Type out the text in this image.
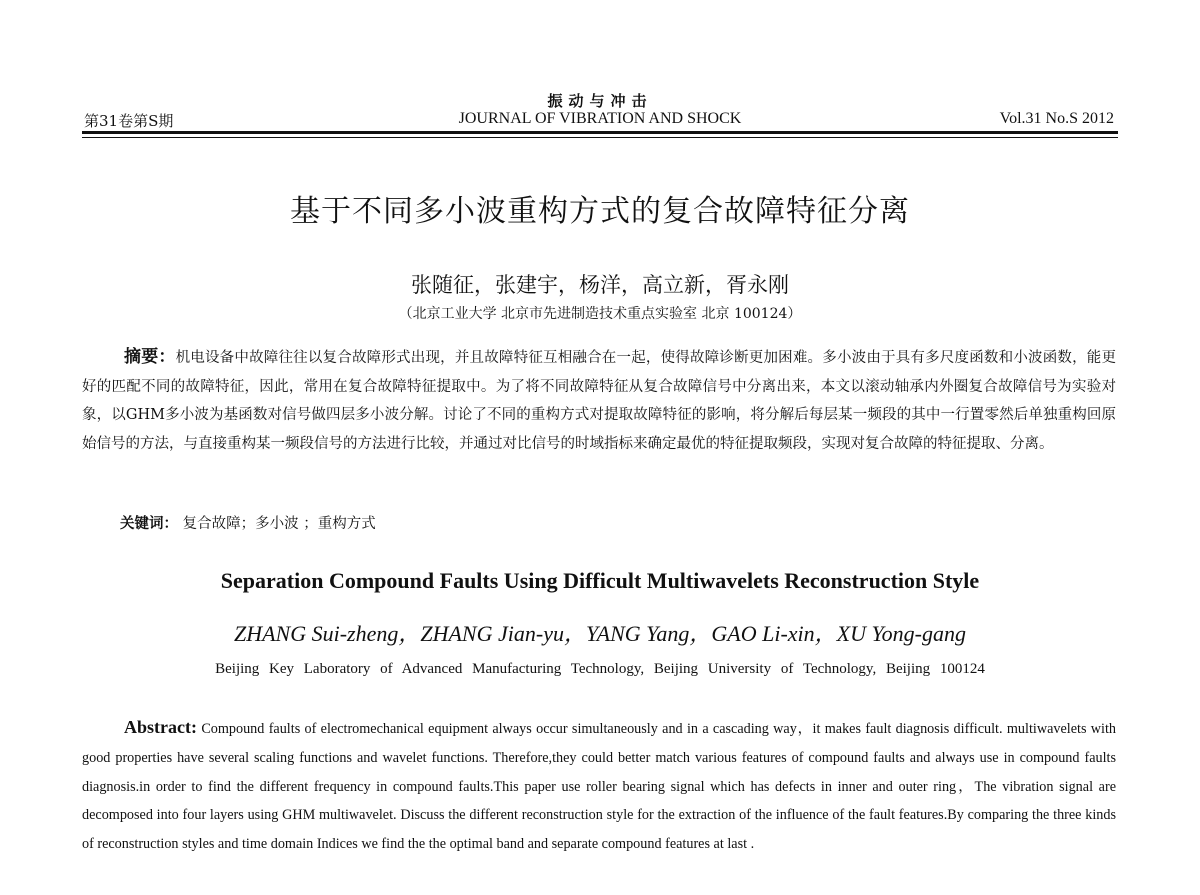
振动与冲击
第31卷第S期	JOURNAL OF VIBRATION AND SHOCK	Vol.31 No.S 2012
基于不同多小波重构方式的复合故障特征分离
张随征，张建宇，杨洋，高立新，胥永刚
（北京工业大学 北京市先进制造技术重点实验室 北京 100124）
摘要：机电设备中故障往往以复合故障形式出现，并且故障特征互相融合在一起，使得故障诊断更加困难。多小波由于具有多尺度函数和小波函数，能更好的匹配不同的故障特征，因此，常用在复合故障特征提取中。为了将不同故障特征从复合故障信号中分离出来，本文以滚动轴承内外圈复合故障信号为实验对象，以GHM多小波为基函数对信号做四层多小波分解。讨论了不同的重构方式对提取故障特征的影响，将分解后每层某一频段的其中一行置零然后单独重构回原始信号的方法，与直接重构某一频段信号的方法进行比较，并通过对比信号的时域指标来确定最优的特征提取频段，实现对复合故障的特征提取、分离。
关键词： 复合故障；多小波 ；重构方式
Separation Compound Faults Using Difficult Multiwavelets Reconstruction Style
ZHANG Sui-zheng，ZHANG Jian-yu，YANG Yang，GAO Li-xin，XU Yong-gang
Beijing Key Laboratory of Advanced Manufacturing Technology, Beijing University of Technology, Beijing 100124
Abstract: Compound faults of electromechanical equipment always occur simultaneously and in a cascading way，it makes fault diagnosis difficult. multiwavelets with good properties have several scaling functions and wavelet functions. Therefore,they could better match various features of compound faults and always use in compound faults diagnosis.in order to find the different frequency in compound faults.This paper use roller bearing signal which has defects in inner and outer ring，The vibration signal are decomposed into four layers using GHM multiwavelet. Discuss the different reconstruction style for the extraction of the influence of the fault features.By comparing the three kinds of reconstruction styles and time domain Indices we find the the optimal band and separate compound features at last .
